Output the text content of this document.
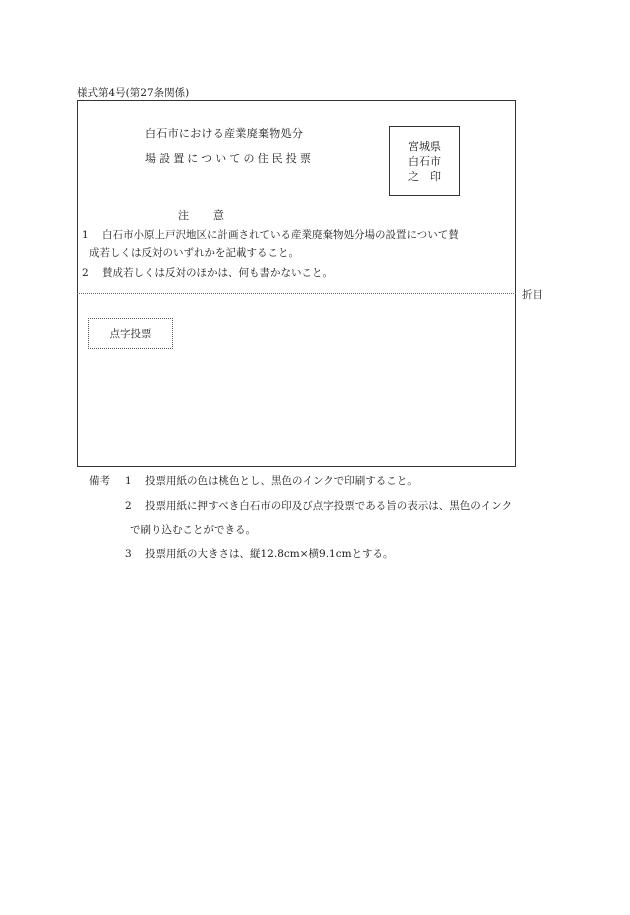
様式第4号(第27条関係)
白石市における産業廃棄物処分
場設置についての住民投票
宮城県
白石市
之　印
注 意
1 白石市小原上戸沢地区に計画されている産業廃棄物処分場の設置について賛
成若しくは反対のいずれかを記載すること。
2 賛成若しくは反対のほかは、何も書かないこと。
折目
点字投票
備考 1 投票用紙の色は桃色とし、黒色のインクで印刷すること。
2 投票用紙に押すべき白石市の印及び点字投票である旨の表示は、黒色のインク
で刷り込むことができる。
3 投票用紙の大きさは、縦12.8cm×横9.1cmとする。
